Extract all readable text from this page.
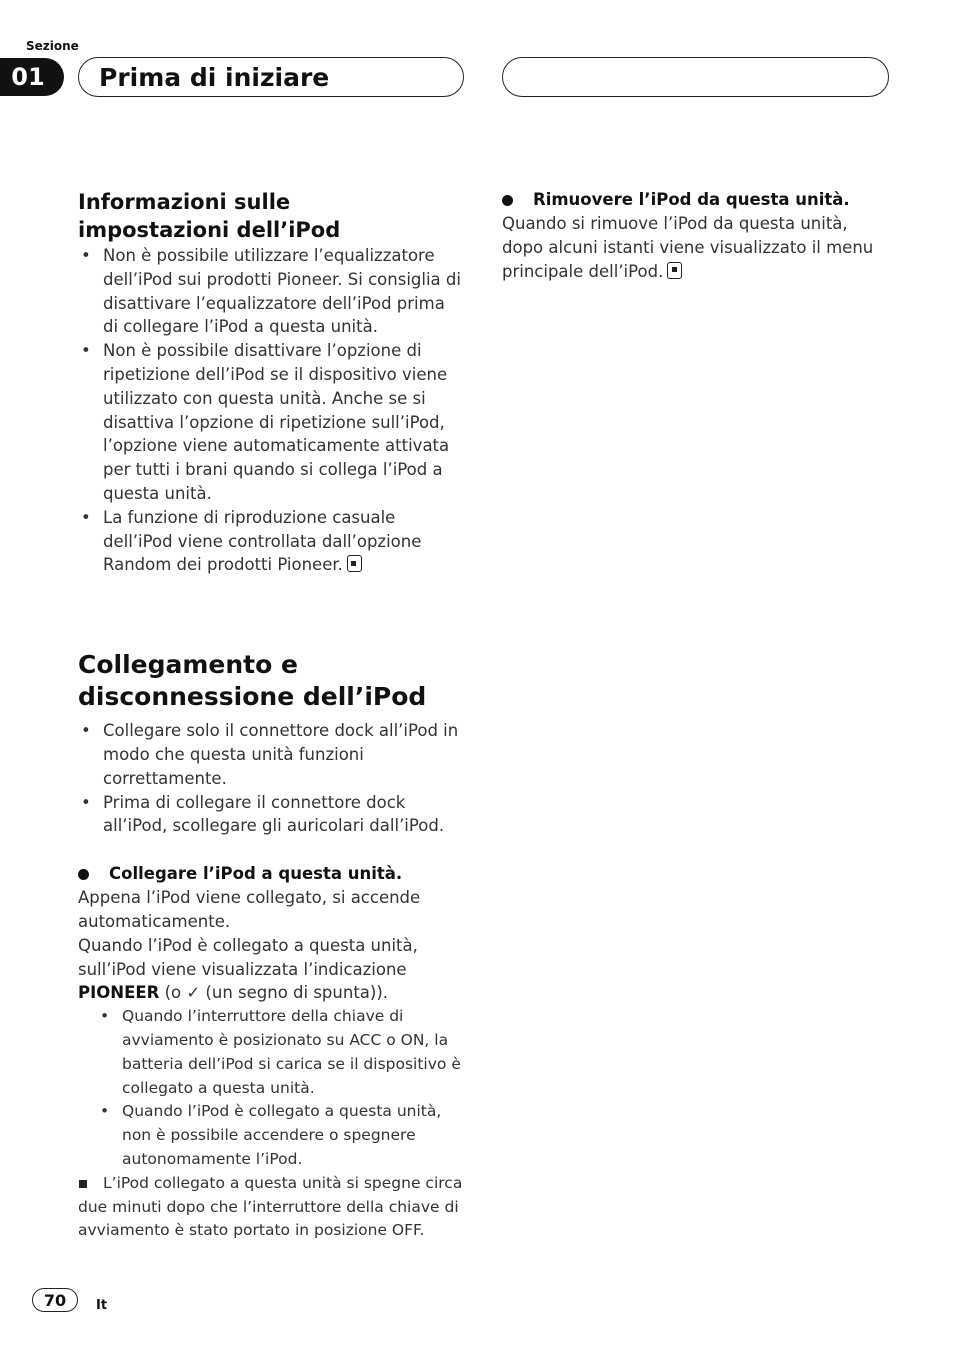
Sezione
01 Prima di iniziare
Informazioni sulle impostazioni dell’iPod
• Non è possibile utilizzare l’equalizzatore dell’iPod sui prodotti Pioneer. Si consiglia di disattivare l’equalizzatore dell’iPod prima di collegare l’iPod a questa unità.
• Non è possibile disattivare l’opzione di ripetizione dell’iPod se il dispositivo viene utilizzato con questa unità. Anche se si disattiva l’opzione di ripetizione sull’iPod, l’opzione viene automaticamente attivata per tutti i brani quando si collega l’iPod a questa unità.
• La funzione di riproduzione casuale dell’iPod viene controllata dall’opzione Random dei prodotti Pioneer.
Collegamento e disconnessione dell’iPod
• Collegare solo il connettore dock all’iPod in modo che questa unità funzioni correttamente.
• Prima di collegare il connettore dock all’iPod, scollegare gli auricolari dall’iPod.
Collegare l’iPod a questa unità.

Appena l’iPod viene collegato, si accende automaticamente.

Quando l’iPod è collegato a questa unità, sull’iPod viene visualizzata l’indicazione PIONEER (o ✓ (un segno di spunta)).

• Quando l’interruttore della chiave di avviamento è posizionato su ACC o ON, la batteria dell’iPod si carica se il dispositivo è collegato a questa unità.
• Quando l’iPod è collegato a questa unità, non è possibile accendere o spegnere autonomamente l’iPod.

L’iPod collegato a questa unità si spegne circa due minuti dopo che l’interruttore della chiave di avviamento è stato portato in posizione OFF.

Rimuovere l’iPod da questa unità.

Quando si rimuove l’iPod da questa unità, dopo alcuni istanti viene visualizzato il menu principale dell’iPod.

70 It
